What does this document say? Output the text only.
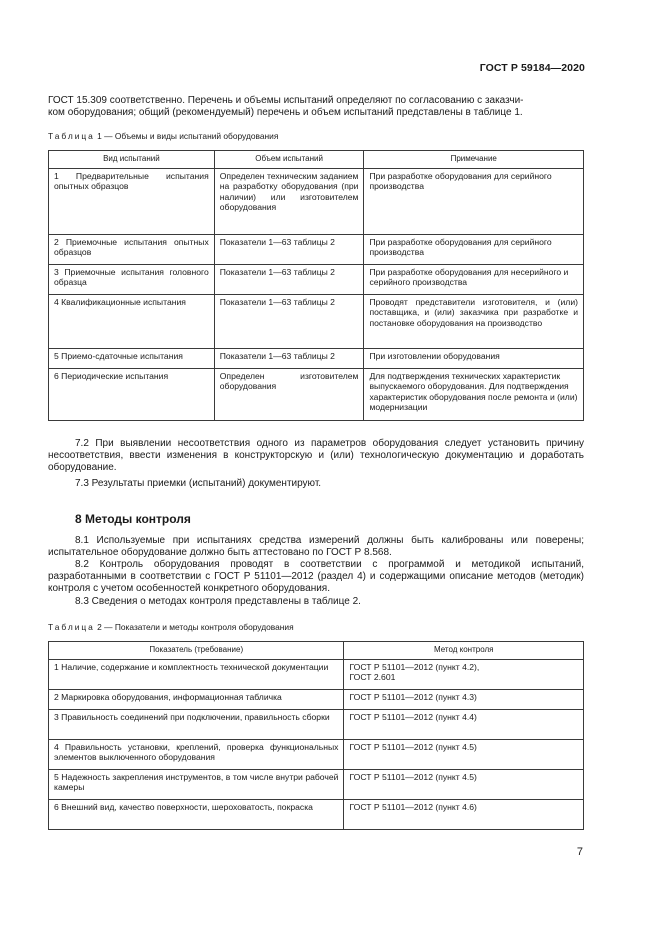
ГОСТ Р 59184—2020
ГОСТ 15.309 соответственно. Перечень и объемы испытаний определяют по согласованию с заказчи-
ком оборудования; общий (рекомендуемый) перечень и объем испытаний представлены в таблице 1.
Таблица 1 — Объемы и виды испытаний оборудования
Вид испытаний	Объем испытаний	Примечание
1 Предварительные испытания опытных образцов	Определен техническим заданием на разработку оборудования (при наличии) или изготовителем оборудования	При разработке оборудования для серийного производства
2 Приемочные испытания опытных образцов	Показатели 1—63 таблицы 2	При разработке оборудования для серийного производства
3 Приемочные испытания головного образца	Показатели 1—63 таблицы 2	При разработке оборудования для несерийного и серийного производства
4 Квалификационные испытания	Показатели 1—63 таблицы 2	Проводят представители изготовителя, и (или) поставщика, и (или) заказчика при разработке и постановке оборудования на производство
5 Приемо-сдаточные испытания	Показатели 1—63 таблицы 2	При изготовлении оборудования
6 Периодические испытания	Определен изготовителем оборудования	Для подтверждения технических характеристик выпускаемого оборудования. Для подтверждения характеристик оборудования после ремонта и (или) модернизации
7.2 При выявлении несоответствия одного из параметров оборудования следует установить причину несоответствия, ввести изменения в конструкторскую и (или) технологическую документацию и доработать оборудование.
7.3 Результаты приемки (испытаний) документируют.
8 Методы контроля
8.1 Используемые при испытаниях средства измерений должны быть калиброваны или поверены; испытательное оборудование должно быть аттестовано по ГОСТ Р 8.568.
8.2 Контроль оборудования проводят в соответствии с программой и методикой испытаний, разработанными в соответствии с ГОСТ Р 51101—2012 (раздел 4) и содержащими описание методов (методик) контроля с учетом особенностей конкретного оборудования.
8.3 Сведения о методах контроля представлены в таблице 2.
Таблица 2 — Показатели и методы контроля оборудования
Показатель (требование)	Метод контроля
1 Наличие, содержание и комплектность технической документации	ГОСТ Р 51101—2012 (пункт 4.2),
ГОСТ 2.601

2 Маркировка оборудования, информационная табличка	ГОСТ Р 51101—2012 (пункт 4.3)
3 Правильность соединений при подключении, правильность сборки	ГОСТ Р 51101—2012 (пункт 4.4)
4 Правильность установки, креплений, проверка функциональных элементов выключенного оборудования	ГОСТ Р 51101—2012 (пункт 4.5)
5 Надежность закрепления инструментов, в том числе внутри рабочей камеры	ГОСТ Р 51101—2012 (пункт 4.5)
6 Внешний вид, качество поверхности, шероховатость, покраска	ГОСТ Р 51101—2012 (пункт 4.6)
7
